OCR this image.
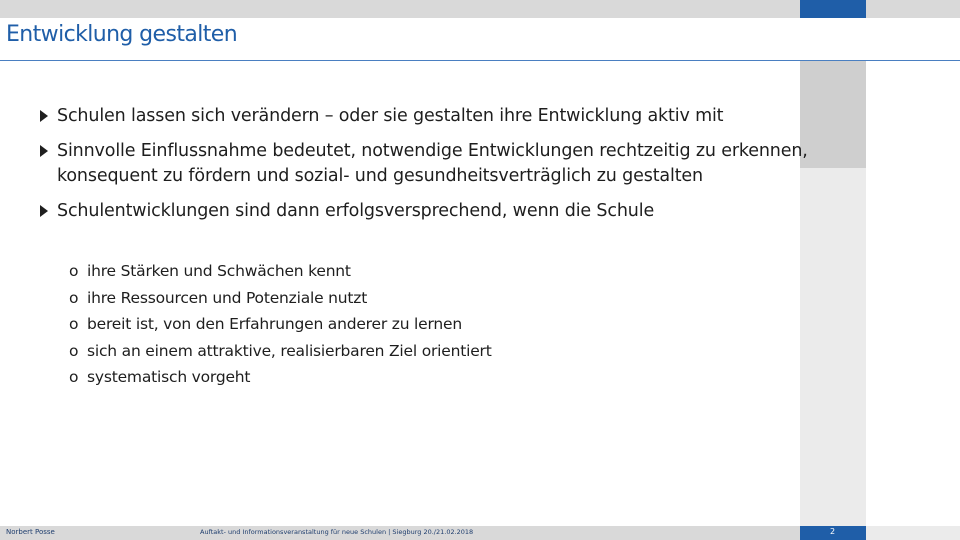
Entwicklung gestalten
Schulen lassen sich verändern – oder sie gestalten ihre Entwicklung aktiv mit
Sinnvolle Einflussnahme bedeutet, notwendige Entwicklungen rechtzeitig zu erkennen, konsequent zu fördern und sozial- und gesundheitsverträglich zu gestalten
Schulentwicklungen sind dann erfolgsversprechend, wenn die Schule
o ihre Stärken und Schwächen kennt
o ihre Ressourcen und Potenziale nutzt
o bereit ist, von den Erfahrungen anderer zu lernen
o sich an einem attraktive, realisierbaren Ziel orientiert
o systematisch vorgeht
Norbert Posse	Auftakt- und Informationsveranstaltung für neue Schulen | Siegburg 20./21.02.2018	2
